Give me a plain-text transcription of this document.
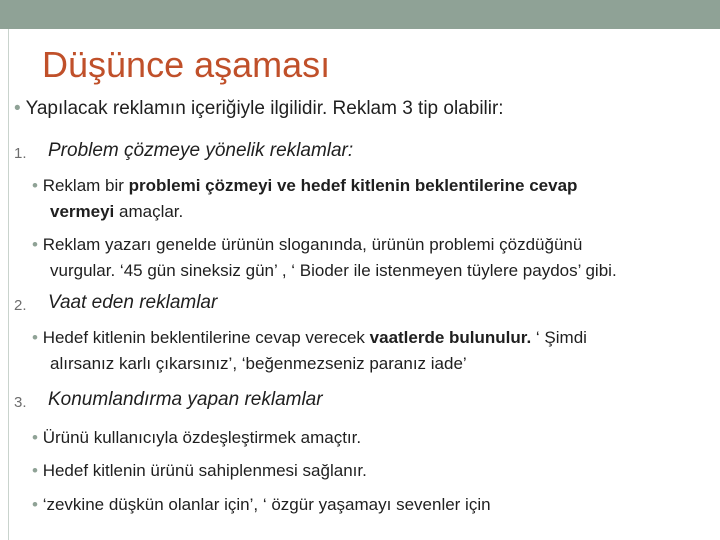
Düşünce aşaması
• Yapılacak reklamın içeriğiyle ilgilidir. Reklam 3 tip olabilir:
1. Problem çözmeye yönelik reklamlar:
• Reklam bir problemi çözmeyi ve hedef kitlenin beklentilerine cevap
vermeyi amaçlar.
• Reklam yazarı genelde ürünün sloganında, ürünün problemi çözdüğünü
vurgular. ‘45 gün sineksiz gün’ , ‘ Bioder ile istenmeyen tüylere paydos’ gibi.
2. Vaat eden reklamlar
• Hedef kitlenin beklentilerine cevap verecek vaatlerde bulunulur. ‘ Şimdi
alırsanız karlı çıkarsınız’, ‘beğenmezseniz paranız iade’
3. Konumlandırma yapan reklamlar
• Ürünü kullanıcıyla özdeşleştirmek amaçtır.
• Hedef kitlenin ürünü sahiplenmesi sağlanır.
• ‘zevkine düşkün olanlar için’, ‘ özgür yaşamayı sevenler için
